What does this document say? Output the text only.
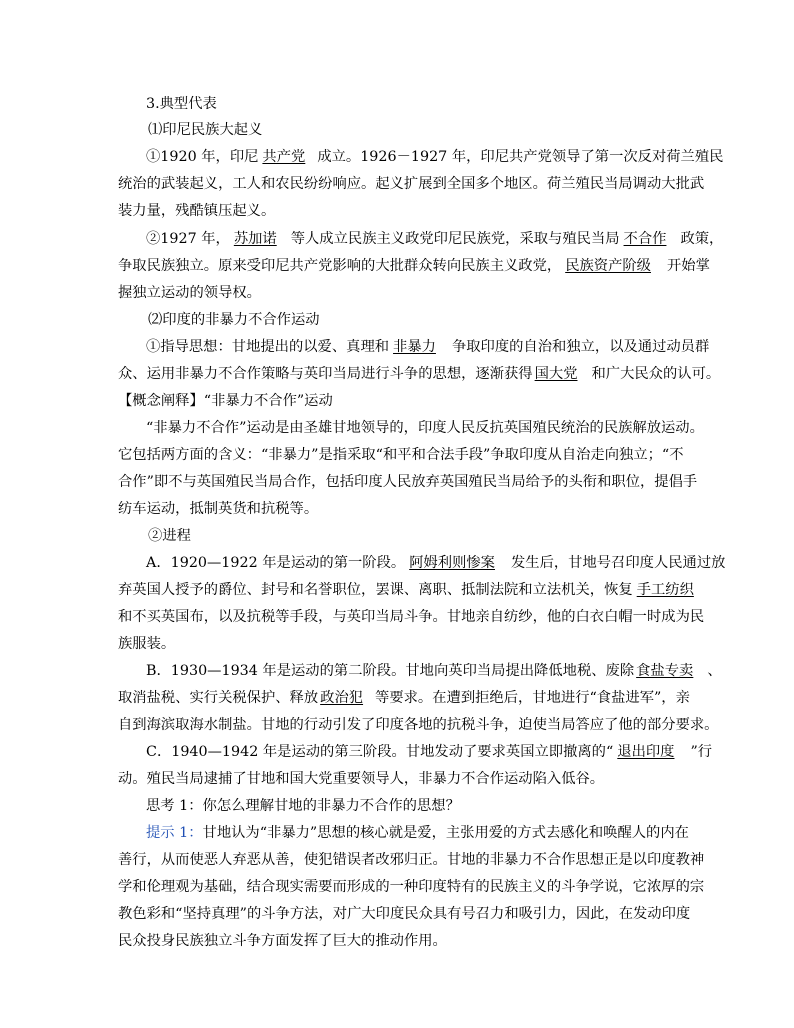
3.典型代表
⑴印尼民族大起义
①1920 年，印尼 共产党 成立。1926－1927 年，印尼共产党领导了第一次反对荷兰殖民
统治的武装起义，工人和农民纷纷响应。起义扩展到全国多个地区。荷兰殖民当局调动大批武
装力量，残酷镇压起义。
②1927 年， 苏加诺 等人成立民族主义政党印尼民族党，采取与殖民当局 不合作 政策，
争取民族独立。原来受印尼共产党影响的大批群众转向民族主义政党， 民族资产阶级 开始掌
握独立运动的领导权。
⑵印度的非暴力不合作运动
①指导思想：甘地提出的以爱、真理和 非暴力 争取印度的自治和独立，以及通过动员群
众、运用非暴力不合作策略与英印当局进行斗争的思想，逐渐获得 国大党 和广大民众的认可。
【概念阐释】“非暴力不合作”运动
“非暴力不合作”运动是由圣雄甘地领导的，印度人民反抗英国殖民统治的民族解放运动。
它包括两方面的含义：“非暴力”是指采取“和平和合法手段”争取印度从自治走向独立；“不
合作”即不与英国殖民当局合作，包括印度人民放弃英国殖民当局给予的头衔和职位，提倡手
纺车运动，抵制英货和抗税等。
②进程
A．1920—1922 年是运动的第一阶段。 阿姆利则惨案 发生后，甘地号召印度人民通过放
弃英国人授予的爵位、封号和名誉职位，罢课、离职、抵制法院和立法机关，恢复 手工纺织
和不买英国布，以及抗税等手段，与英印当局斗争。甘地亲自纺纱，他的白衣白帽一时成为民
族服装。
B．1930—1934 年是运动的第二阶段。甘地向英印当局提出降低地税、废除 食盐专卖 、
取消盐税、实行关税保护、释放 政治犯 等要求。在遭到拒绝后，甘地进行“食盐进军”，亲
自到海滨取海水制盐。甘地的行动引发了印度各地的抗税斗争，迫使当局答应了他的部分要求。
C．1940—1942 年是运动的第三阶段。甘地发动了要求英国立即撤离的“ 退出印度 ”行
动。殖民当局逮捕了甘地和国大党重要领导人，非暴力不合作运动陷入低谷。
思考 1：你怎么理解甘地的非暴力不合作的思想？
提示 1：甘地认为“非暴力”思想的核心就是爱，主张用爱的方式去感化和唤醒人的内在
善行，从而使恶人弃恶从善，使犯错误者改邪归正。甘地的非暴力不合作思想正是以印度教神
学和伦理观为基础，结合现实需要而形成的一种印度特有的民族主义的斗争学说，它浓厚的宗
教色彩和“坚持真理”的斗争方法，对广大印度民众具有号召力和吸引力，因此，在发动印度
民众投身民族独立斗争方面发挥了巨大的推动作用。
